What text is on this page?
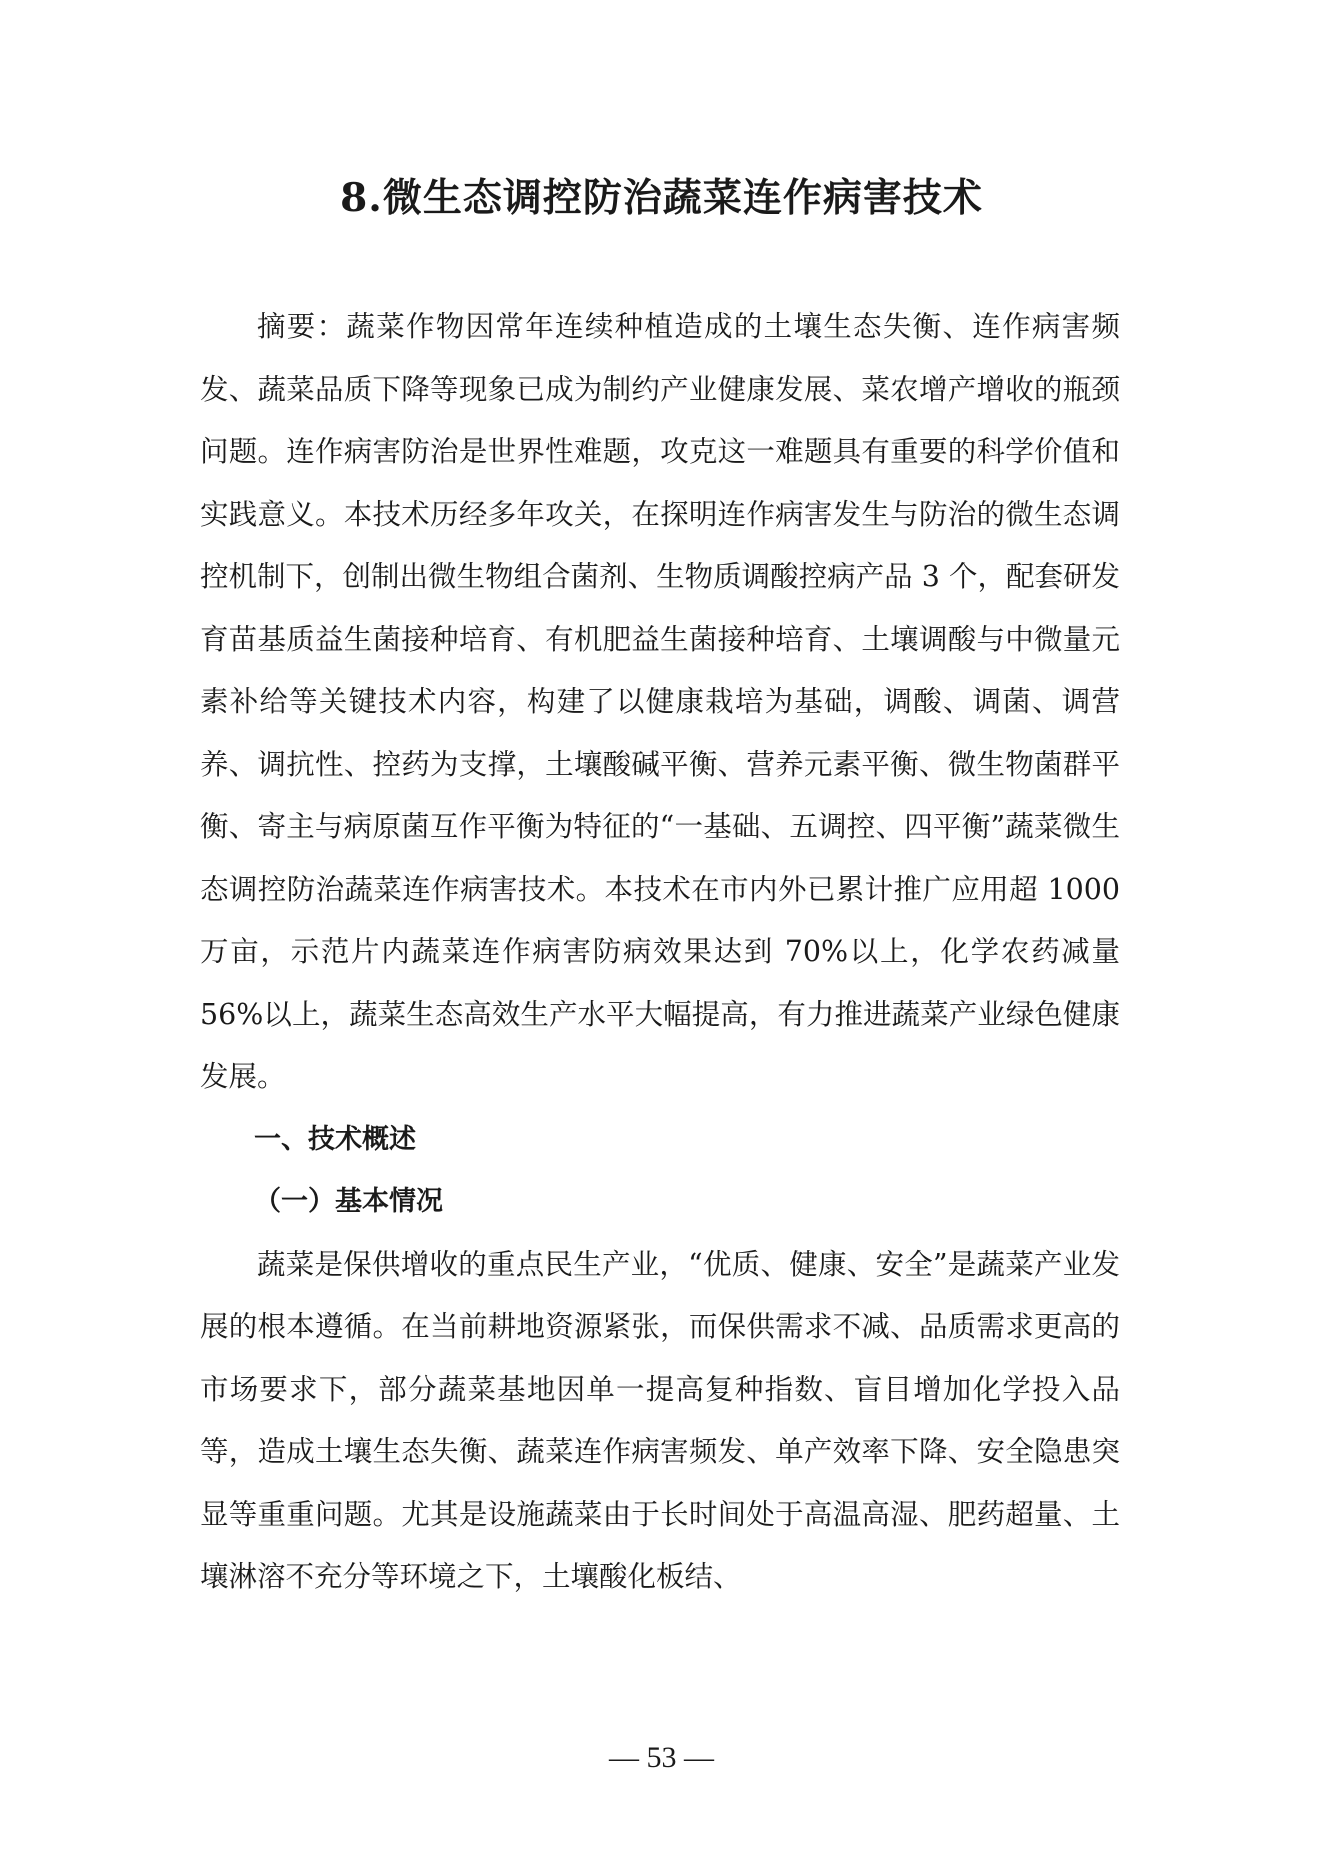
8.微生态调控防治蔬菜连作病害技术

摘要：蔬菜作物因常年连续种植造成的土壤生态失衡、连作病害频发、蔬菜品质下降等现象已成为制约产业健康发展、菜农增产增收的瓶颈问题。连作病害防治是世界性难题，攻克这一难题具有重要的科学价值和实践意义。本技术历经多年攻关，在探明连作病害发生与防治的微生态调控机制下，创制出微生物组合菌剂、生物质调酸控病产品 3 个，配套研发育苗基质益生菌接种培育、有机肥益生菌接种培育、土壤调酸与中微量元素补给等关键技术内容，构建了以健康栽培为基础，调酸、调菌、调营养、调抗性、控药为支撑，土壤酸碱平衡、营养元素平衡、微生物菌群平衡、寄主与病原菌互作平衡为特征的“一基础、五调控、四平衡”蔬菜微生态调控防治蔬菜连作病害技术。本技术在市内外已累计推广应用超 1000 万亩，示范片内蔬菜连作病害防病效果达到 70%以上，化学农药减量 56%以上，蔬菜生态高效生产水平大幅提高，有力推进蔬菜产业绿色健康发展。

一、技术概述

（一）基本情况

蔬菜是保供增收的重点民生产业，“优质、健康、安全”是蔬菜产业发展的根本遵循。在当前耕地资源紧张，而保供需求不减、品质需求更高的市场要求下，部分蔬菜基地因单一提高复种指数、盲目增加化学投入品等，造成土壤生态失衡、蔬菜连作病害频发、单产效率下降、安全隐患突显等重重问题。尤其是设施蔬菜由于长时间处于高温高湿、肥药超量、土壤淋溶不充分等环境之下，土壤酸化板结、

— 53 —
